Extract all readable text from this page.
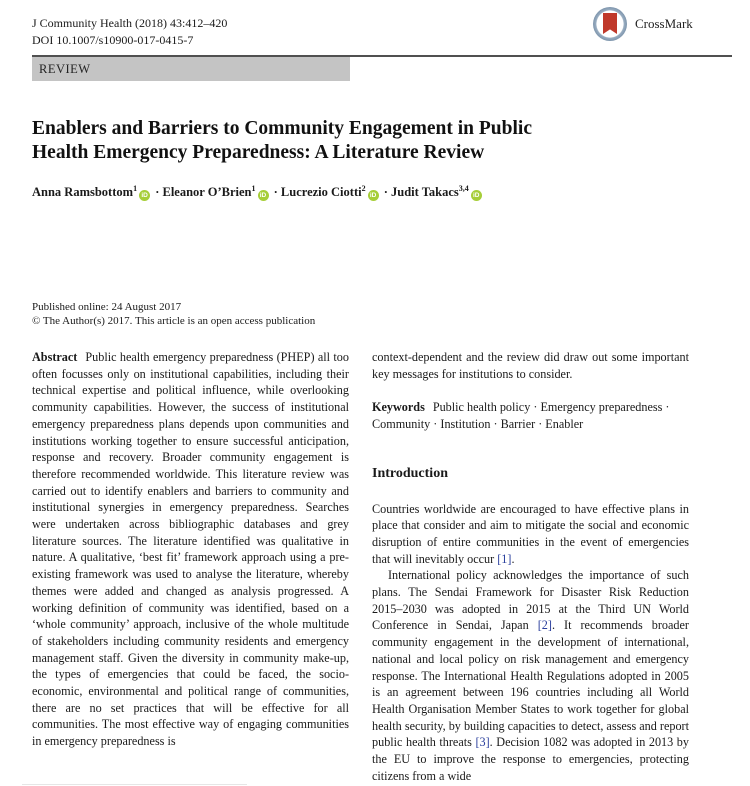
J Community Health (2018) 43:412–420
DOI 10.1007/s10900-017-0415-7
CrossMark
REVIEW
Enablers and Barriers to Community Engagement in Public
Health Emergency Preparedness: A Literature Review
Anna Ramsbottom$^1$iD · Eleanor O’Brien$^1$iD · Lucrezio Ciotti$^2$iD · Judit Takacs$^{3,4}$iD
Published online: 24 August 2017
© The Author(s) 2017. This article is an open access publication

Abstract Public health emergency preparedness (PHEP) all too often focusses only on institutional capabilities, including their technical expertise and political influence, while overlooking community capabilities. However, the success of institutional emergency preparedness plans depends upon communities and institutions working together to ensure successful anticipation, response and recovery. Broader community engagement is therefore recommended worldwide. This literature review was carried out to identify enablers and barriers to community and institutional synergies in emergency preparedness. Searches were undertaken across bibliographic databases and grey literature sources. The literature identified was qualitative in nature. A qualitative, ‘best fit’ framework approach using a pre-existing framework was used to analyse the literature, whereby themes were added and changed as analysis progressed. A working definition of community was identified, based on a ‘whole community’ approach, inclusive of the whole multitude of stakeholders including community residents and emergency management staff. Given the diversity in community make-up, the types of emergencies that could be faced, the socio-economic, environmental and political range of communities, there are no set practices that will be effective for all communities. The most effective way of engaging communities in emergency preparedness is

context-dependent and the review did draw out some important key messages for institutions to consider.

Keywords Public health policy · Emergency preparedness · Community · Institution · Barrier · Enabler

Introduction

Countries worldwide are encouraged to have effective plans in place that consider and aim to mitigate the social and economic disruption of entire communities in the event of emergencies that will inevitably occur [1].

International policy acknowledges the importance of such plans. The Sendai Framework for Disaster Risk Reduction 2015–2030 was adopted in 2015 at the Third UN World Conference in Sendai, Japan [2]. It recommends broader community engagement in the development of international, national and local policy on risk management and emergency response. The International Health Regulations adopted in 2005 is an agreement between 196 countries including all World Health Organisation Member States to work together for global health security, by building capacities to detect, assess and report public health threats [3]. Decision 1082 was adopted in 2013 by the EU to improve the response to emergencies, protecting citizens from a wide
